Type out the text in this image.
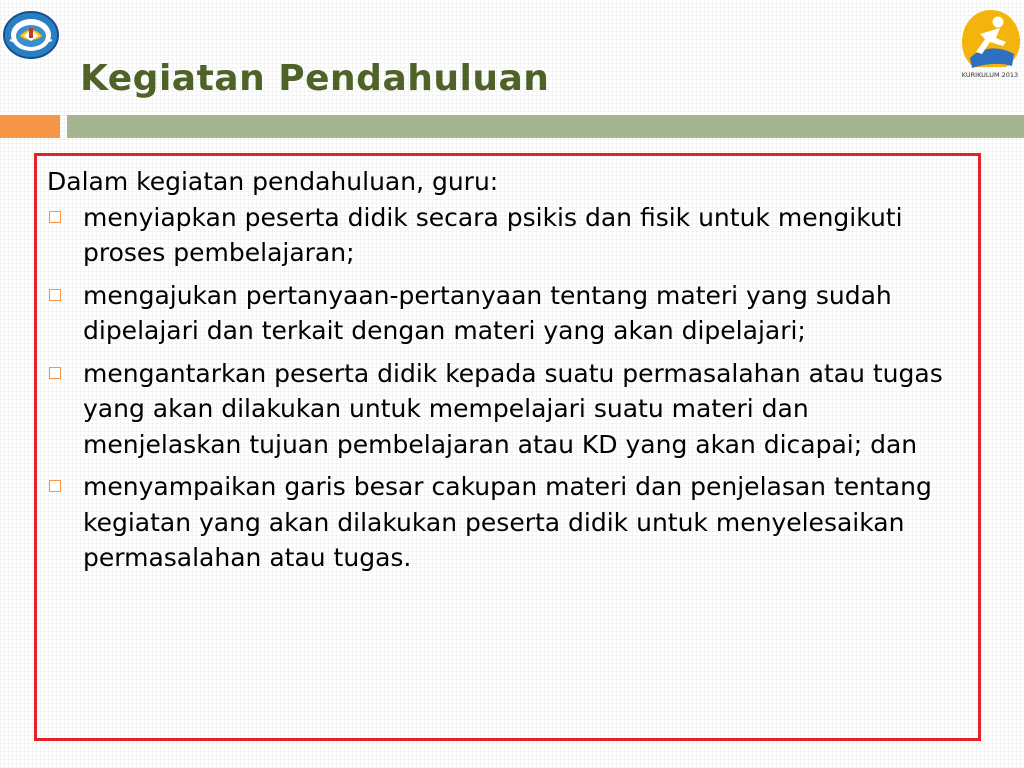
Kegiatan Pendahuluan	KURIKULUM 2013

Dalam kegiatan pendahuluan, guru:

menyiapkan peserta didik secara psikis dan fisik untuk mengikuti proses pembelajaran;
mengajukan pertanyaan-pertanyaan tentang materi yang sudah dipelajari dan terkait dengan materi yang akan dipelajari;
mengantarkan peserta didik kepada suatu permasalahan atau tugas yang akan dilakukan untuk mempelajari suatu materi dan menjelaskan tujuan pembelajaran atau KD yang akan dicapai; dan
menyampaikan garis besar cakupan materi dan penjelasan tentang kegiatan yang akan dilakukan peserta didik untuk menyelesaikan permasalahan atau tugas.
